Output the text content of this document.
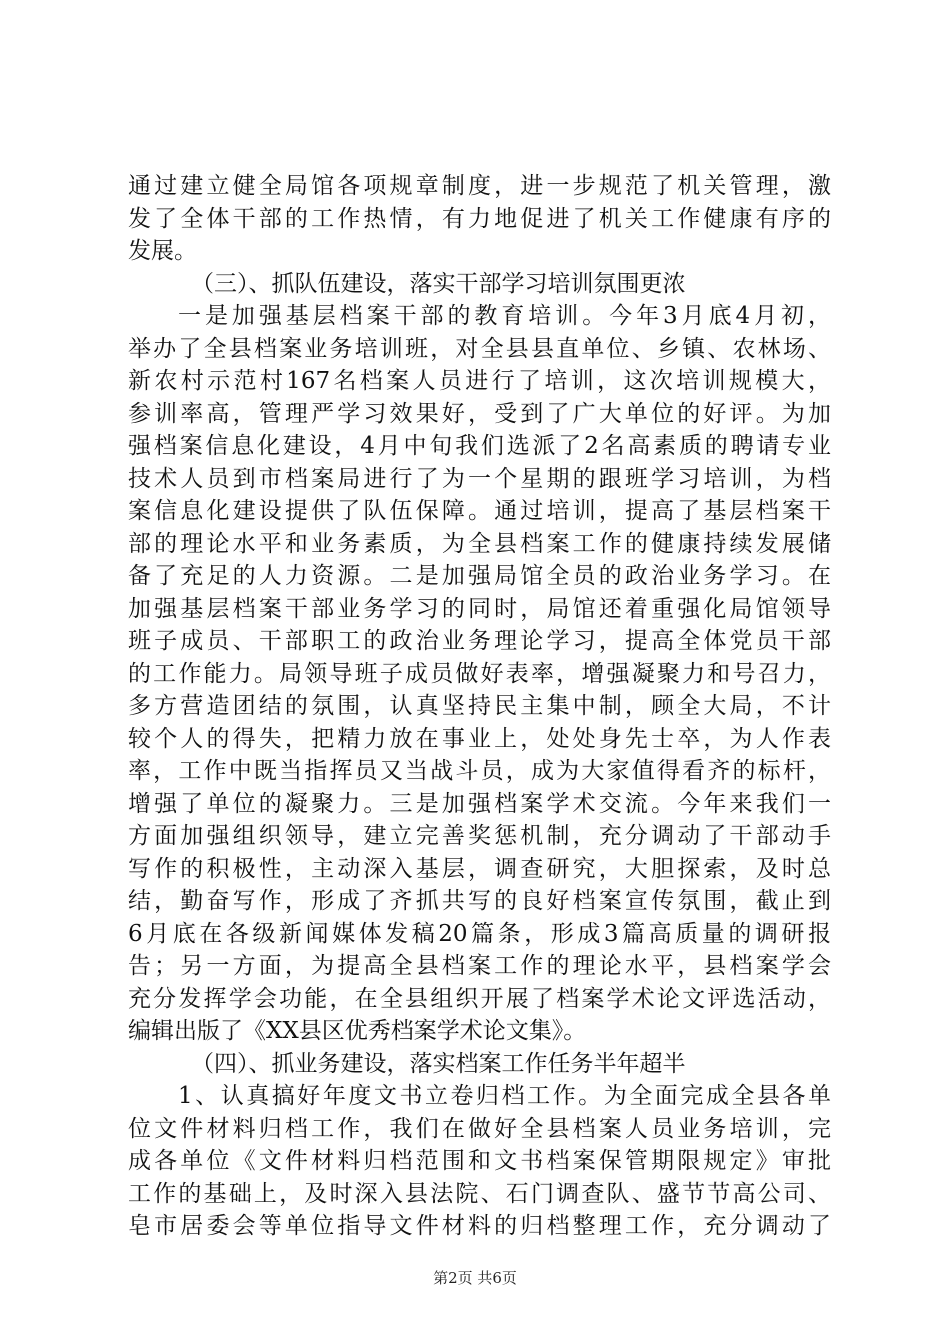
通过建立健全局馆各项规章制度，进一步规范了机关管理，激
发了全体干部的工作热情，有力地促进了机关工作健康有序的
发展。
（三）、抓队伍建设，落实干部学习培训氛围更浓
一是加强基层档案干部的教育培训。今年3月底4月初，
举办了全县档案业务培训班，对全县县直单位、乡镇、农林场、
新农村示范村167名档案人员进行了培训，这次培训规模大，
参训率高，管理严学习效果好，受到了广大单位的好评。为加
强档案信息化建设，4月中旬我们选派了2名高素质的聘请专业
技术人员到市档案局进行了为一个星期的跟班学习培训，为档
案信息化建设提供了队伍保障。通过培训，提高了基层档案干
部的理论水平和业务素质，为全县档案工作的健康持续发展储
备了充足的人力资源。二是加强局馆全员的政治业务学习。在
加强基层档案干部业务学习的同时，局馆还着重强化局馆领导
班子成员、干部职工的政治业务理论学习，提高全体党员干部
的工作能力。局领导班子成员做好表率，增强凝聚力和号召力，
多方营造团结的氛围，认真坚持民主集中制，顾全大局，不计
较个人的得失，把精力放在事业上，处处身先士卒，为人作表
率，工作中既当指挥员又当战斗员，成为大家值得看齐的标杆，
增强了单位的凝聚力。三是加强档案学术交流。今年来我们一
方面加强组织领导，建立完善奖惩机制，充分调动了干部动手
写作的积极性，主动深入基层，调查研究，大胆探索，及时总
结，勤奋写作，形成了齐抓共写的良好档案宣传氛围，截止到
6月底在各级新闻媒体发稿20篇条，形成3篇高质量的调研报
告；另一方面，为提高全县档案工作的理论水平，县档案学会
充分发挥学会功能，在全县组织开展了档案学术论文评选活动，
编辑出版了《XX县区优秀档案学术论文集》。
（四）、抓业务建设，落实档案工作任务半年超半
1、认真搞好年度文书立卷归档工作。为全面完成全县各单
位文件材料归档工作，我们在做好全县档案人员业务培训，完
成各单位《文件材料归档范围和文书档案保管期限规定》审批
工作的基础上，及时深入县法院、石门调查队、盛节节高公司、
皂市居委会等单位指导文件材料的归档整理工作，充分调动了
第2页 共6页
